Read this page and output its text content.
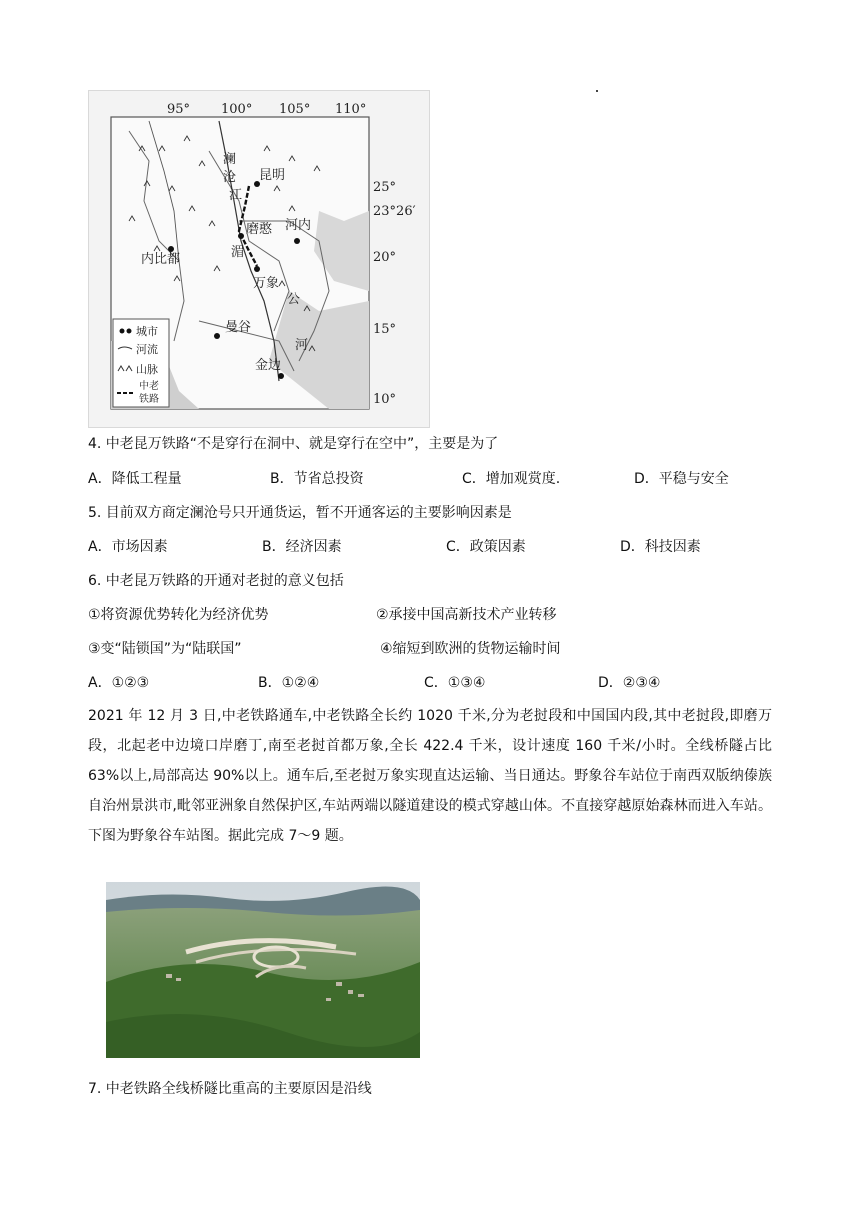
95° 100° 105° 110°
25°
23°26′
20°
15°
10°
昆明
磨憨 河内
内比都
万象
曼谷
金边
澜
沧
江
湄
公
河
城市
河流
山脉
中老
铁路
4. 中老昆万铁路“不是穿行在洞中、就是穿行在空中”，主要是为了
A．降低工程量	B．节省总投资	C．增加观赏度.	D．平稳与安全
5. 目前双方商定澜沧号只开通货运，暂不开通客运的主要影响因素是
A．市场因素	B．经济因素	C．政策因素	D．科技因素
6. 中老昆万铁路的开通对老挝的意义包括
①将资源优势转化为经济优势	②承接中国高新技术产业转移
③变“陆锁国”为“陆联国”	④缩短到欧洲的货物运输时间
A．①②③	B．①②④	C．①③④	D．②③④
2021 年 12 月 3 日,中老铁路通车,中老铁路全长约 1020 千米,分为老挝段和中国国内段,其中老挝段,即磨万段，北起老中边境口岸磨丁,南至老挝首都万象,全长 422.4 千米，设计速度 160 千米/小时。全线桥隧占比 63%以上,局部高达 90%以上。通车后,至老挝万象实现直达运输、当日通达。野象谷车站位于南西双版纳傣族自治州景洪市,毗邻亚洲象自然保护区,车站两端以隧道建设的模式穿越山体。不直接穿越原始森林而进入车站。下图为野象谷车站图。据此完成 7～9 题。
7. 中老铁路全线桥隧比重高的主要原因是沿线
